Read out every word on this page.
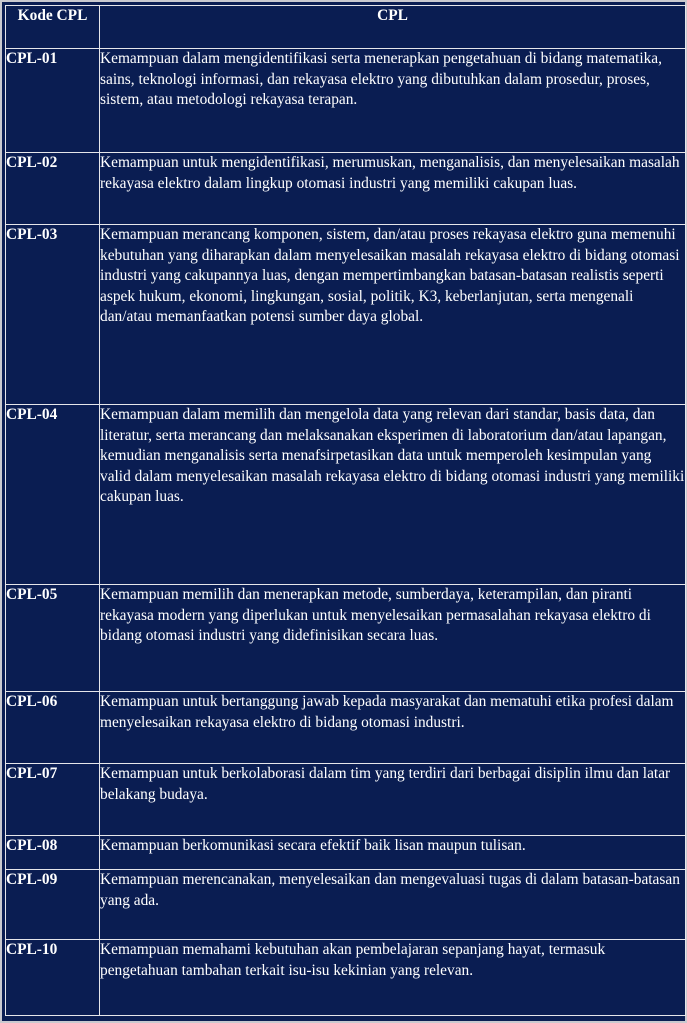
Kode CPL	CPL
CPL-01	Kemampuan dalam mengidentifikasi serta menerapkan pengetahuan di bidang matematika, sains, teknologi informasi, dan rekayasa elektro yang dibutuhkan dalam prosedur, proses, sistem, atau metodologi rekayasa terapan.
CPL-02	Kemampuan untuk mengidentifikasi, merumuskan, menganalisis, dan menyelesaikan masalah rekayasa elektro dalam lingkup otomasi industri yang memiliki cakupan luas.
CPL-03	Kemampuan merancang komponen, sistem, dan/atau proses rekayasa elektro guna memenuhi kebutuhan yang diharapkan dalam menyelesaikan masalah rekayasa elektro di bidang otomasi industri yang cakupannya luas, dengan mempertimbangkan batasan-batasan realistis seperti aspek hukum, ekonomi, lingkungan, sosial, politik, K3, keberlanjutan, serta mengenali dan/atau memanfaatkan potensi sumber daya global.
CPL-04	Kemampuan dalam memilih dan mengelola data yang relevan dari standar, basis data, dan literatur, serta merancang dan melaksanakan eksperimen di laboratorium dan/atau lapangan, kemudian menganalisis serta menafsirpetasikan data untuk memperoleh kesimpulan yang valid dalam menyelesaikan masalah rekayasa elektro di bidang otomasi industri yang memiliki cakupan luas.
CPL-05	Kemampuan memilih dan menerapkan metode, sumberdaya, keterampilan, dan piranti rekayasa modern yang diperlukan untuk menyelesaikan permasalahan rekayasa elektro di bidang otomasi industri yang didefinisikan secara luas.
CPL-06	Kemampuan untuk bertanggung jawab kepada masyarakat dan mematuhi etika profesi dalam menyelesaikan rekayasa elektro di bidang otomasi industri.
CPL-07	Kemampuan untuk berkolaborasi dalam tim yang terdiri dari berbagai disiplin ilmu dan latar belakang budaya.
CPL-08	Kemampuan berkomunikasi secara efektif baik lisan maupun tulisan.
CPL-09	Kemampuan merencanakan, menyelesaikan dan mengevaluasi tugas di dalam batasan-batasan yang ada.
CPL-10	Kemampuan memahami kebutuhan akan pembelajaran sepanjang hayat, termasuk pengetahuan tambahan terkait isu-isu kekinian yang relevan.
